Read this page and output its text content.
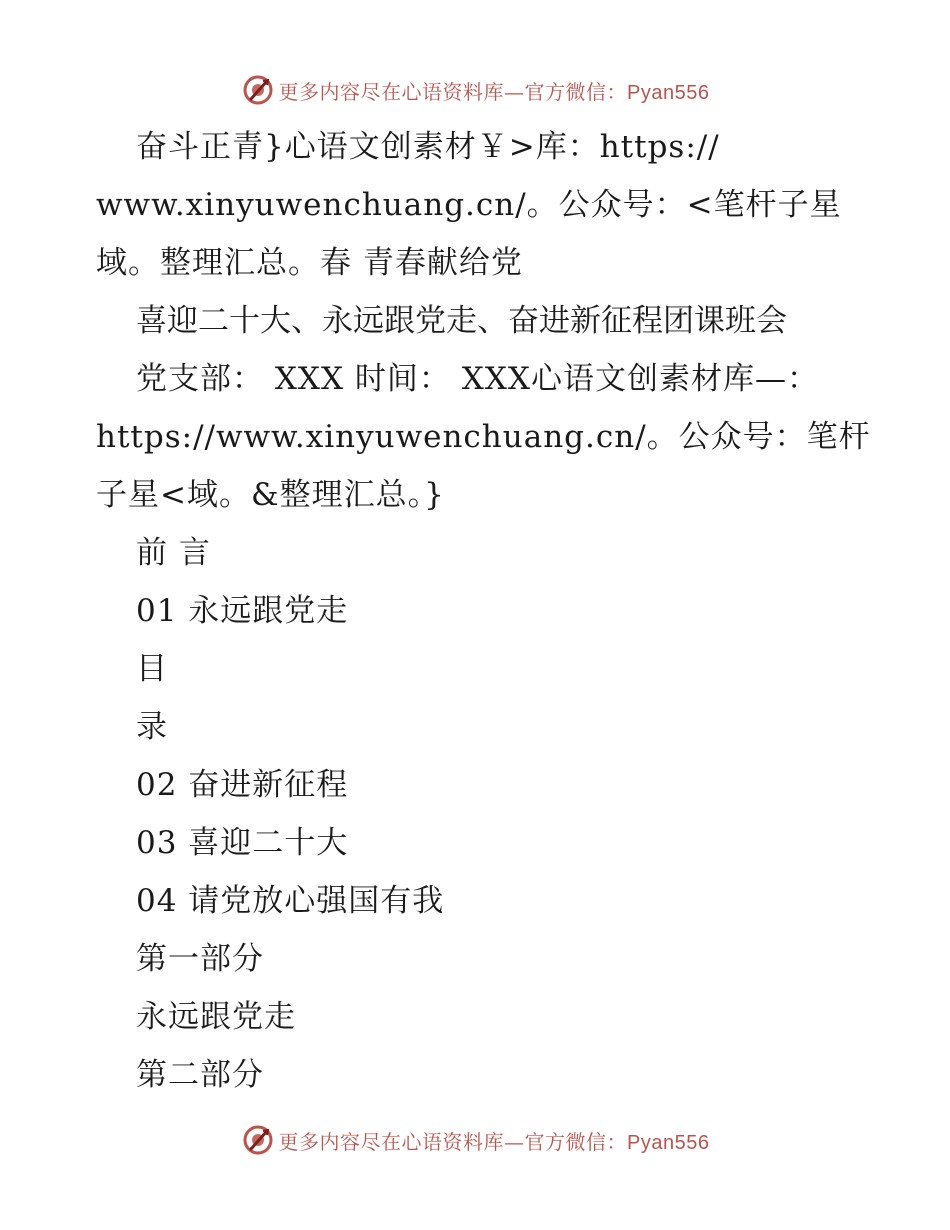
更多内容尽在心语资料库—官方微信：Pyan556
奋斗正青}心语文创素材￥>库：https://
www.xinyuwenchuang.cn/。公众号：<笔杆子星
域。整理汇总。春 青春献给党
喜迎二十大、永远跟党走、奋进新征程团课班会
党支部： XXX 时间： XXX心语文创素材库—：
https://www.xinyuwenchuang.cn/。公众号：笔杆
子星<域。&整理汇总。}
前 言
01 永远跟党走
目
录
02 奋进新征程
03 喜迎二十大
04 请党放心强国有我
第一部分
永远跟党走
第二部分
更多内容尽在心语资料库—官方微信：Pyan556
